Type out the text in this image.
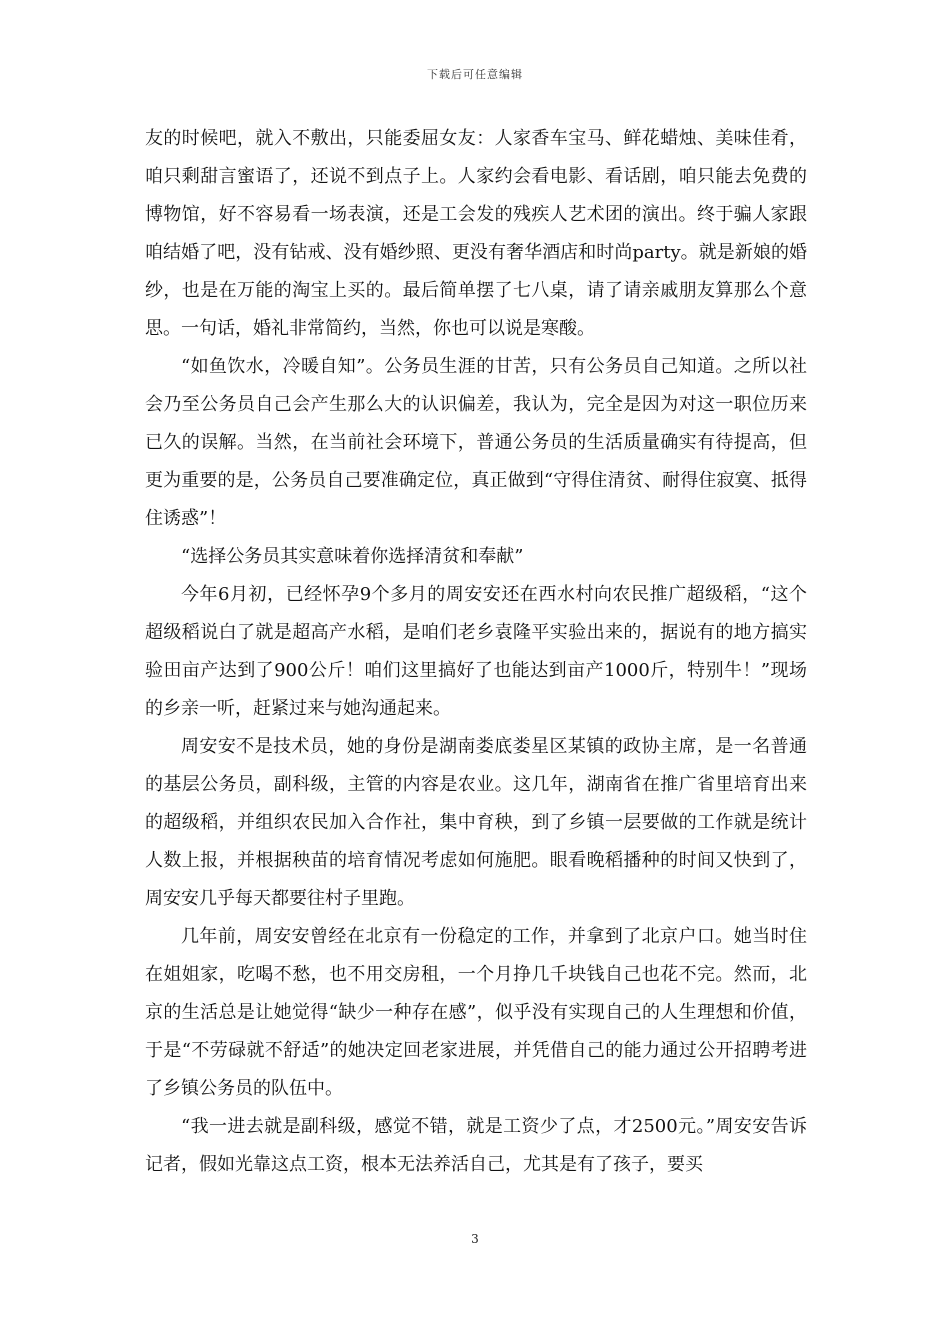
下载后可任意编辑

友的时候吧，就入不敷出，只能委屈女友：人家香车宝马、鲜花蜡烛、美味佳肴，咱只剩甜言蜜语了，还说不到点子上。人家约会看电影、看话剧，咱只能去免费的博物馆，好不容易看一场表演，还是工会发的残疾人艺术团的演出。终于骗人家跟咱结婚了吧，没有钻戒、没有婚纱照、更没有奢华酒店和时尚party。就是新娘的婚纱，也是在万能的淘宝上买的。最后简单摆了七八桌，请了请亲戚朋友算那么个意思。一句话，婚礼非常简约，当然，你也可以说是寒酸。

“如鱼饮水，冷暖自知”。公务员生涯的甘苦，只有公务员自己知道。之所以社会乃至公务员自己会产生那么大的认识偏差，我认为，完全是因为对这一职位历来已久的误解。当然，在当前社会环境下，普通公务员的生活质量确实有待提高，但更为重要的是，公务员自己要准确定位，真正做到“守得住清贫、耐得住寂寞、抵得住诱惑”！

“选择公务员其实意味着你选择清贫和奉献”

今年6月初，已经怀孕9个多月的周安安还在西水村向农民推广超级稻，“这个超级稻说白了就是超高产水稻，是咱们老乡袁隆平实验出来的，据说有的地方搞实验田亩产达到了900公斤！咱们这里搞好了也能达到亩产1000斤，特别牛！”现场的乡亲一听，赶紧过来与她沟通起来。

周安安不是技术员，她的身份是湖南娄底娄星区某镇的政协主席，是一名普通的基层公务员，副科级，主管的内容是农业。这几年，湖南省在推广省里培育出来的超级稻，并组织农民加入合作社，集中育秧，到了乡镇一层要做的工作就是统计人数上报，并根据秧苗的培育情况考虑如何施肥。眼看晚稻播种的时间又快到了，周安安几乎每天都要往村子里跑。

几年前，周安安曾经在北京有一份稳定的工作，并拿到了北京户口。她当时住在姐姐家，吃喝不愁，也不用交房租，一个月挣几千块钱自己也花不完。然而，北京的生活总是让她觉得“缺少一种存在感”，似乎没有实现自己的人生理想和价值，于是“不劳碌就不舒适”的她决定回老家进展，并凭借自己的能力通过公开招聘考进了乡镇公务员的队伍中。

“我一进去就是副科级，感觉不错，就是工资少了点，才2500元。”周安安告诉记者，假如光靠这点工资，根本无法养活自己，尤其是有了孩子，要买

3
